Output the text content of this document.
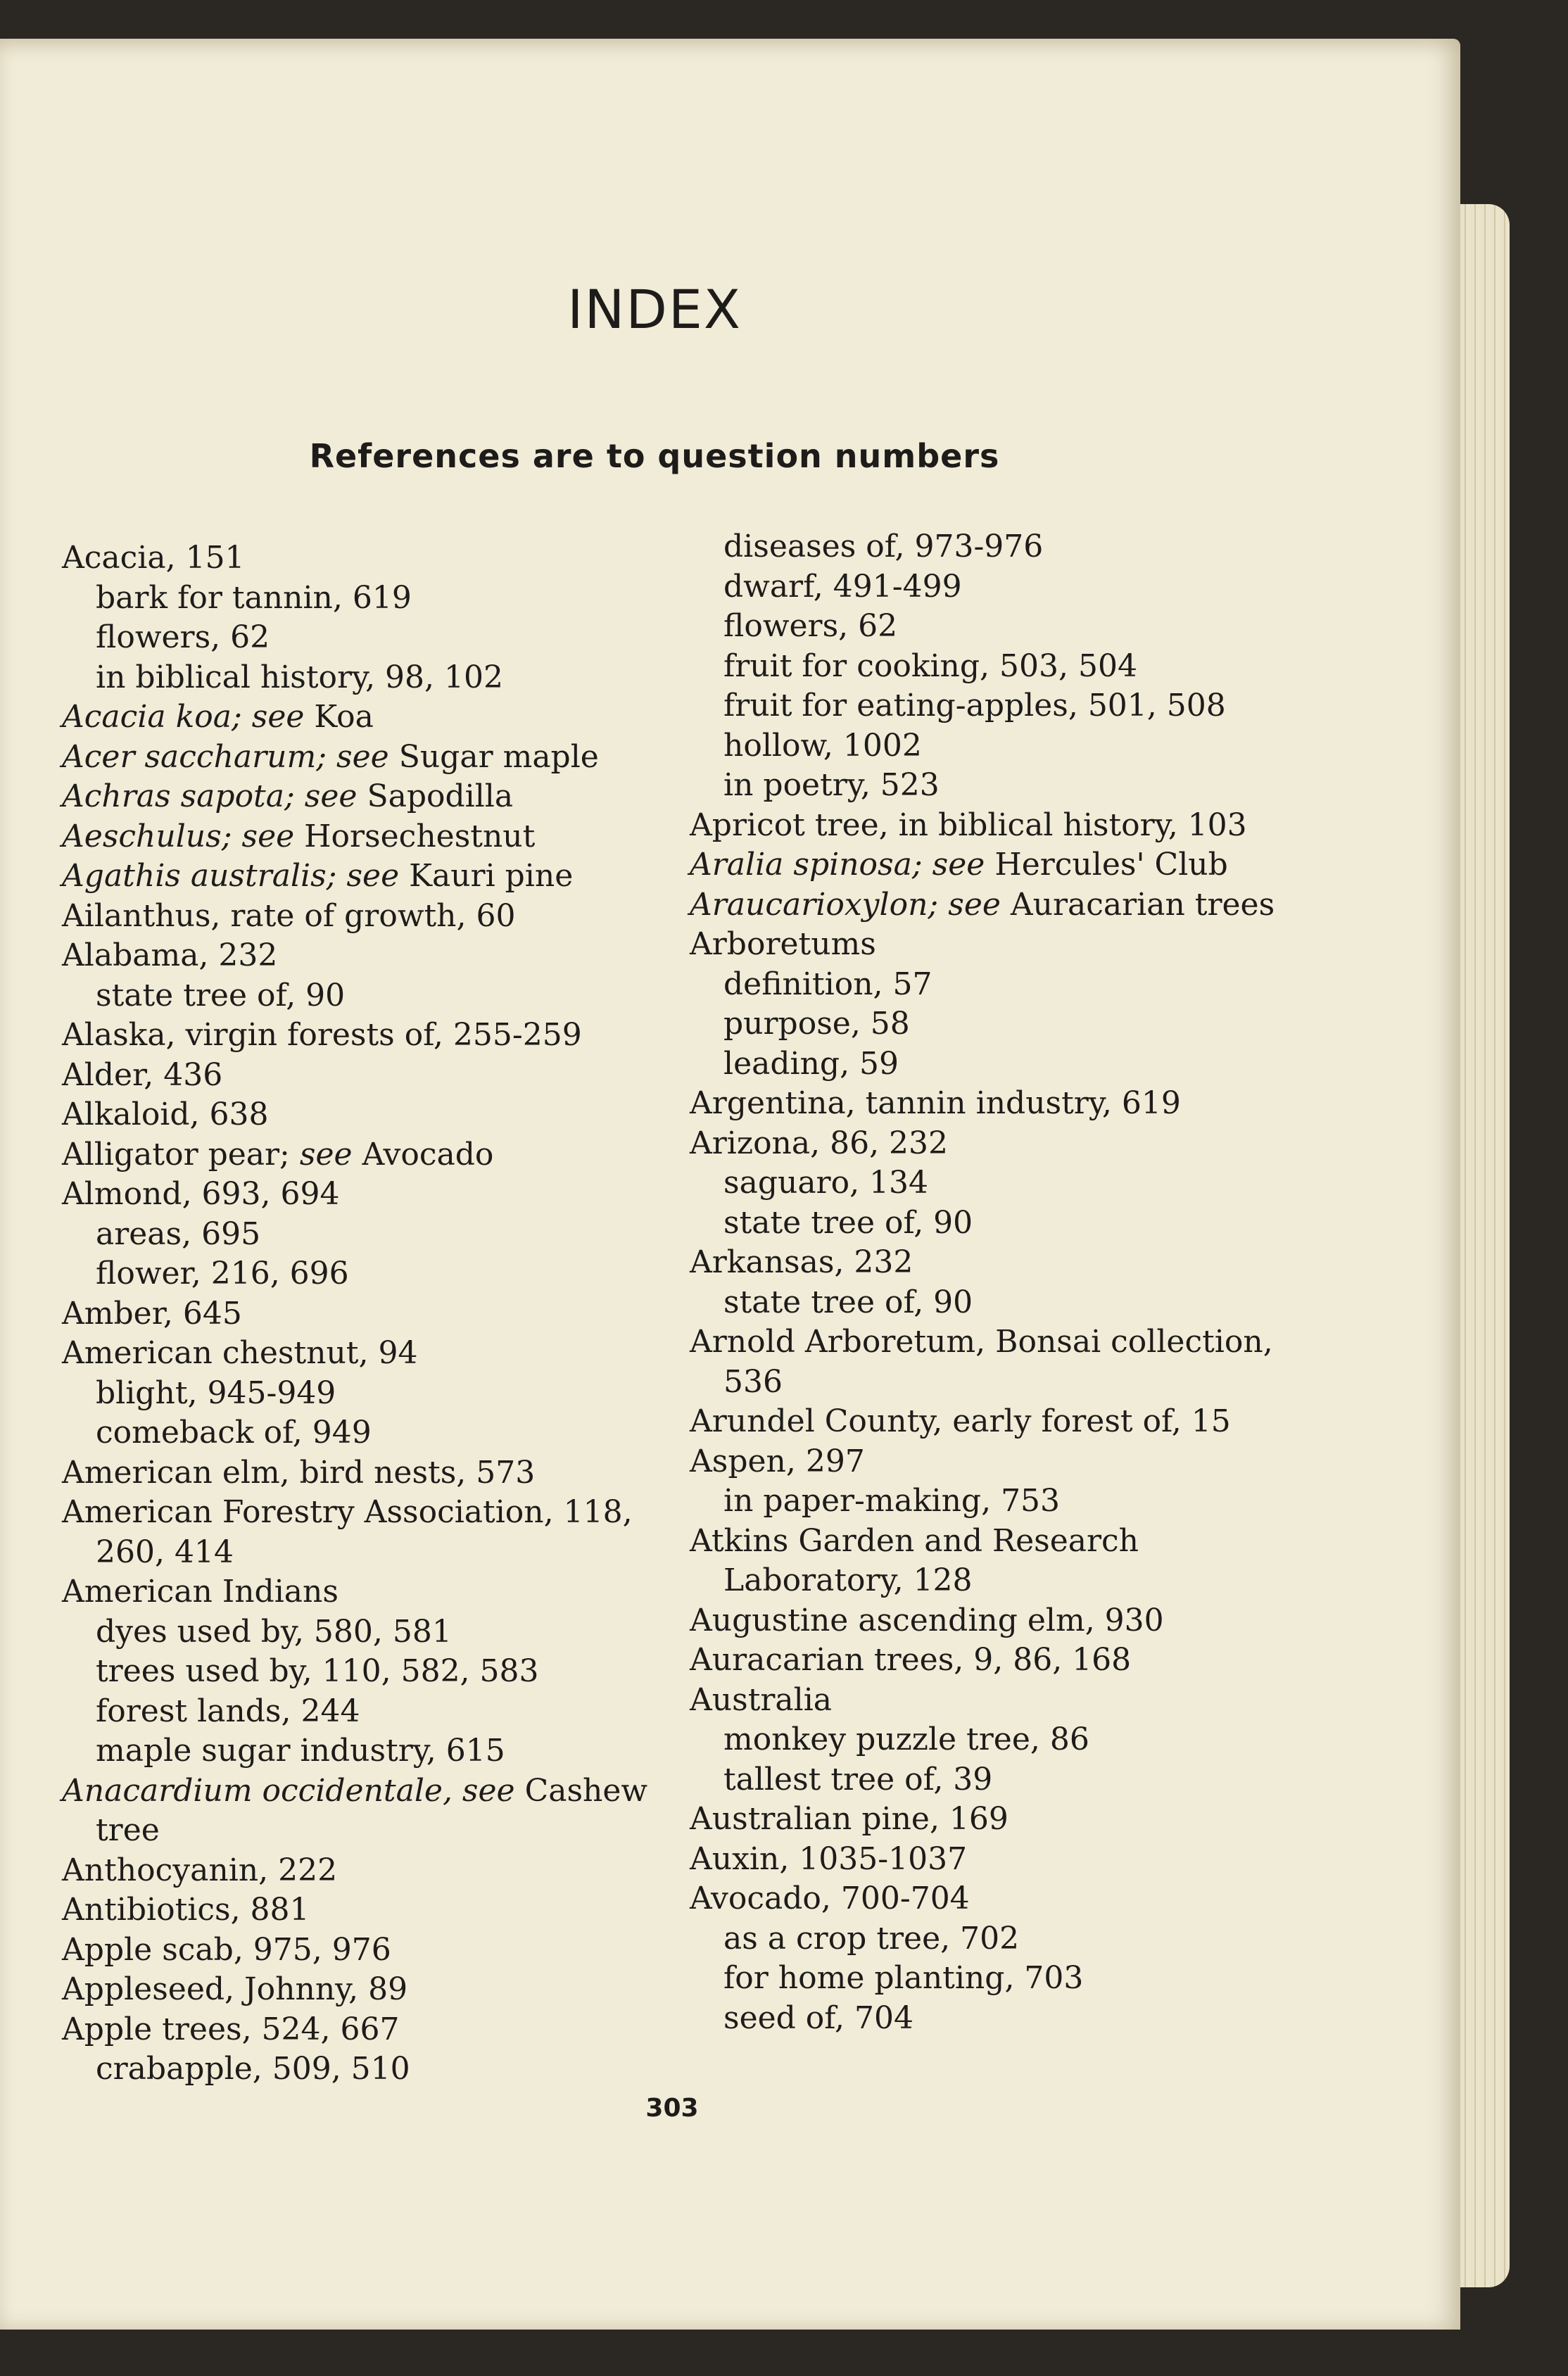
INDEX
References are to question numbers
Acacia, 151
bark for tannin, 619
flowers, 62
in biblical history, 98, 102
Acacia koa; see Koa
Acer saccharum; see Sugar maple
Achras sapota; see Sapodilla
Aeschulus; see Horsechestnut
Agathis australis; see Kauri pine
Ailanthus, rate of growth, 60
Alabama, 232
state tree of, 90
Alaska, virgin forests of, 255-259
Alder, 436
Alkaloid, 638
Alligator pear; see Avocado
Almond, 693, 694
areas, 695
flower, 216, 696
Amber, 645
American chestnut, 94
blight, 945-949
comeback of, 949
American elm, bird nests, 573
American Forestry Association, 118, 260, 414
American Indians
dyes used by, 580, 581
trees used by, 110, 582, 583
forest lands, 244
maple sugar industry, 615
Anacardium occidentale, see Cashew tree
Anthocyanin, 222
Antibiotics, 881
Apple scab, 975, 976
Appleseed, Johnny, 89
Apple trees, 524, 667
crabapple, 509, 510
diseases of, 973-976
dwarf, 491-499
flowers, 62
fruit for cooking, 503, 504
fruit for eating-apples, 501, 508
hollow, 1002
in poetry, 523
Apricot tree, in biblical history, 103
Aralia spinosa; see Hercules' Club
Araucarioxylon; see Auracarian trees
Arboretums
definition, 57
purpose, 58
leading, 59
Argentina, tannin industry, 619
Arizona, 86, 232
saguaro, 134
state tree of, 90
Arkansas, 232
state tree of, 90
Arnold Arboretum, Bonsai collection, 536
Arundel County, early forest of, 15
Aspen, 297
in paper-making, 753
Atkins Garden and Research Laboratory, 128
Augustine ascending elm, 930
Auracarian trees, 9, 86, 168
Australia
monkey puzzle tree, 86
tallest tree of, 39
Australian pine, 169
Auxin, 1035-1037
Avocado, 700-704
as a crop tree, 702
for home planting, 703
seed of, 704
303
